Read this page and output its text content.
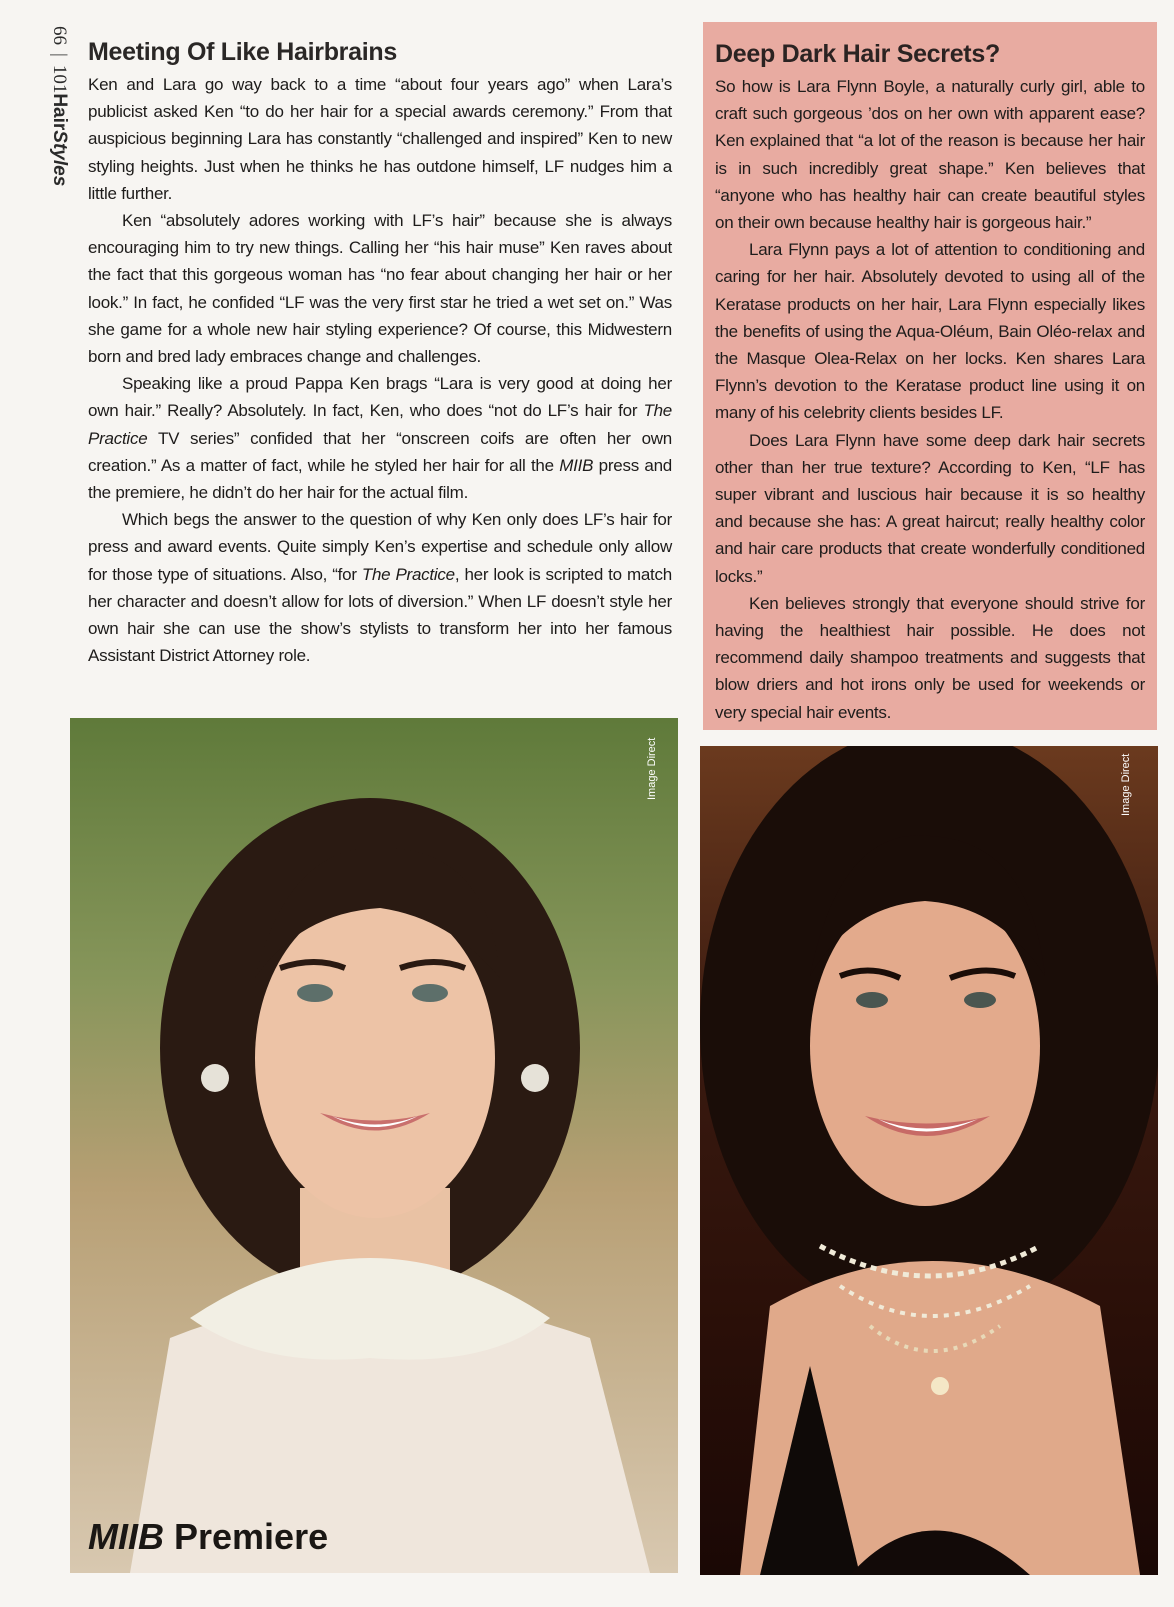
66|101HairStyles
Meeting Of Like Hairbrains

Ken and Lara go way back to a time “about four years ago” when Lara’s publicist asked Ken “to do her hair for a special awards ceremony.” From that auspicious beginning Lara has constantly “challenged and inspired” Ken to new styling heights. Just when he thinks he has outdone himself, LF nudges him a little further.

Ken “absolutely adores working with LF’s hair” because she is always encouraging him to try new things. Calling her “his hair muse” Ken raves about the fact that this gorgeous woman has “no fear about changing her hair or her look.” In fact, he confided “LF was the very first star he tried a wet set on.” Was she game for a whole new hair styling experience? Of course, this Midwestern born and bred lady embraces change and challenges.

Speaking like a proud Pappa Ken brags “Lara is very good at doing her own hair.” Really? Absolutely. In fact, Ken, who does “not do LF’s hair for The Practice TV series” confided that her “onscreen coifs are often her own creation.” As a matter of fact, while he styled her hair for all the MIIB press and the premiere, he didn’t do her hair for the actual film.

Which begs the answer to the question of why Ken only does LF’s hair for press and award events. Quite simply Ken’s expertise and schedule only allow for those type of situations. Also, “for The Practice, her look is scripted to match her character and doesn’t allow for lots of diversion.” When LF doesn’t style her own hair she can use the show’s stylists to transform her into her famous Assistant District Attorney role.

Deep Dark Hair Secrets?

So how is Lara Flynn Boyle, a naturally curly girl, able to craft such gorgeous ’dos on her own with apparent ease? Ken explained that “a lot of the reason is because her hair is in such incredibly great shape.” Ken believes that “anyone who has healthy hair can create beautiful styles on their own because healthy hair is gorgeous hair.”

Lara Flynn pays a lot of attention to conditioning and caring for her hair. Absolutely devoted to using all of the Keratase products on her hair, Lara Flynn especially likes the benefits of using the Aqua-Oléum, Bain Oléo-relax and the Masque Olea-Relax on her locks. Ken shares Lara Flynn’s devotion to the Keratase product line using it on many of his celebrity clients besides LF.

Does Lara Flynn have some deep dark hair secrets other than her true texture? According to Ken, “LF has super vibrant and luscious hair because it is so healthy and because she has: A great haircut; really healthy color and hair care products that create wonderfully conditioned locks.”

Ken believes strongly that everyone should strive for having the healthiest hair possible. He does not recommend daily shampoo treatments and suggests that blow driers and hot irons only be used for weekends or very special hair events.

Image Direct	Image Direct
MIIB Premiere
